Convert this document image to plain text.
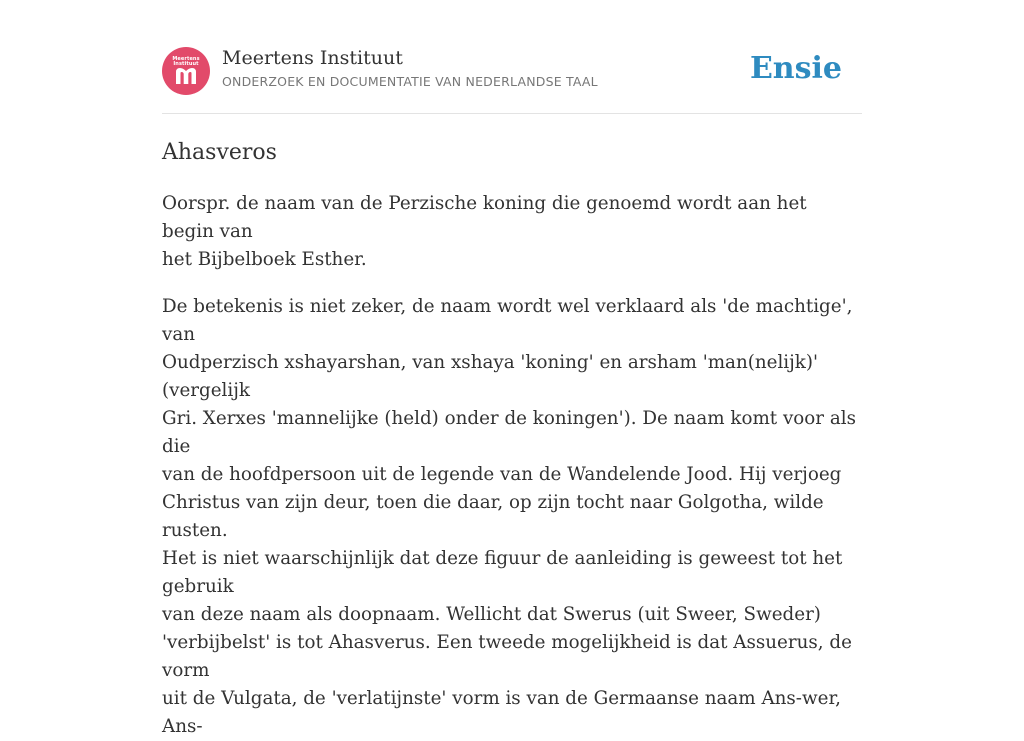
Meertens
Instituut	Meertens Instituut
ONDERZOEK EN DOCUMENTATIE VAN NEDERLANDSE TAAL	Ensie
Ahasveros

Oorspr. de naam van de Perzische koning die genoemd wordt aan het begin van
het Bijbelboek Esther.

De betekenis is niet zeker, de naam wordt wel verklaard als 'de machtige', van
Oudperzisch xshayarshan, van xshaya 'koning' en arsham 'man(nelijk)' (vergelijk
Gri. Xerxes 'mannelijke (held) onder de koningen'). De naam komt voor als die
van de hoofdpersoon uit de legende van de Wandelende Jood. Hij verjoeg
Christus van zijn deur, toen die daar, op zijn tocht naar Golgotha, wilde rusten.
Het is niet waarschijnlijk dat deze figuur de aanleiding is geweest tot het gebruik
van deze naam als doopnaam. Wellicht dat Swerus (uit Sweer, Sweder)
'verbijbelst' is tot Ahasverus. Een tweede mogelijkheid is dat Assuerus, de vorm
uit de Vulgata, de 'verlatijnste' vorm is van de Germaanse naam Ans-wer, Ans-
